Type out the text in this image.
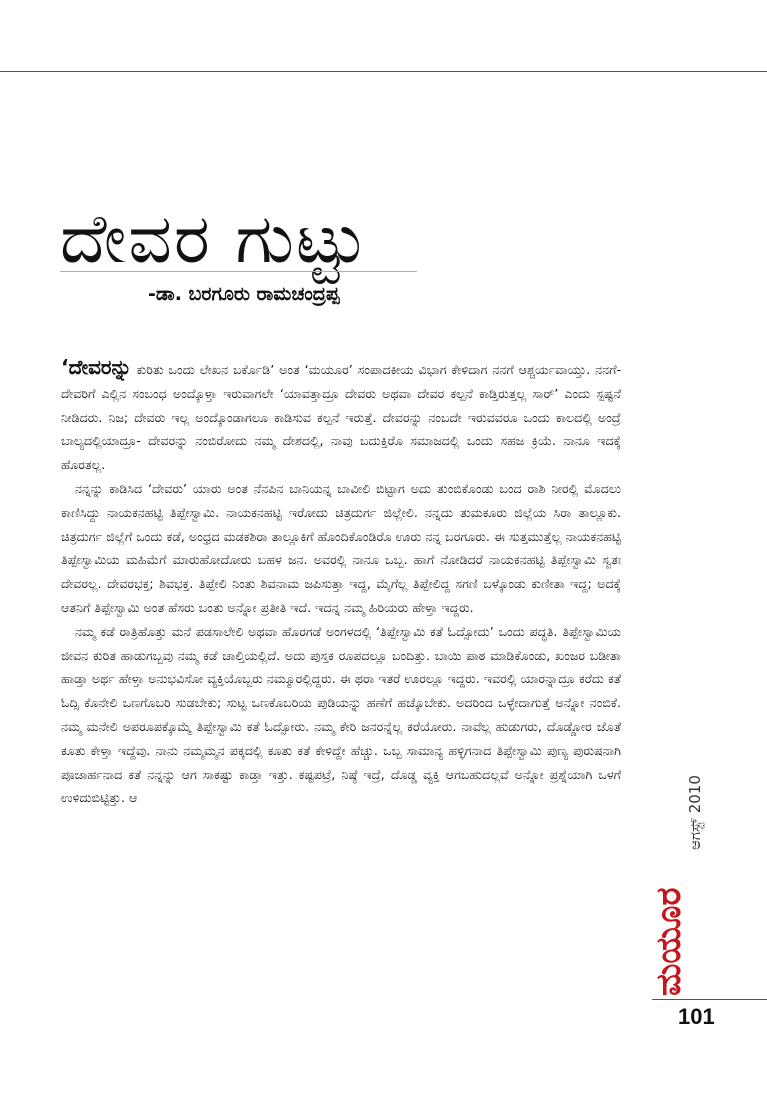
ದೇವರ ಗುಟ್ಟು
-ಡಾ. ಬರಗೂರು ರಾಮಚಂದ್ರಪ್ಪ

‘ದೇವರನ್ನು ಕುರಿತು ಒಂದು ಲೇಖನ ಬರ್ಕೊಡಿ’ ಅಂತ ‘ಮಯೂರ’ ಸಂಪಾದಕೀಯ ವಿಭಾಗ ಕೇಳಿದಾಗ ನನಗೆ ಆಶ್ಚರ್ಯವಾಯ್ತು. ನನಗೆ-ದೇವರಿಗೆ ಎಲ್ಲಿನ ಸಂಬಂಧ ಅಂದ್ಕೊಳ್ತಾ ಇರುವಾಗಲೇ ‘ಯಾವತ್ತಾದ್ರೂ ದೇವರು ಅಥವಾ ದೇವರ ಕಲ್ಪನೆ ಕಾಡ್ತಿರುತ್ತಲ್ಲ ಸಾರ್’ ಎಂದು ಸ್ಪಷ್ಟನೆ ನೀಡಿದರು. ನಿಜ; ದೇವರು ಇಲ್ಲ ಅಂದ್ಕೊಂಡಾಗಲೂ ಕಾಡಿಸುವ ಕಲ್ಪನೆ ಇರುತ್ತೆ. ದೇವರನ್ನು ನಂಬದೇ ಇರುವವರೂ ಒಂದು ಕಾಲದಲ್ಲಿ ಅಂದ್ರೆ ಬಾಲ್ಯದಲ್ಲಿಯಾದ್ರೂ- ದೇವರನ್ನು ನಂಬಿರೋದು ನಮ್ಮ ದೇಶದಲ್ಲಿ, ನಾವು ಬದುಕ್ತಿರೊ ಸಮಾಜದಲ್ಲಿ ಒಂದು ಸಹಜ ಕ್ರಿಯೆ. ನಾನೂ ಇದಕ್ಕೆ ಹೊರತಲ್ಲ.

ನನ್ನನ್ನು ಕಾಡಿಸಿದ ‘ದೇವರು’ ಯಾರು ಅಂತ ನೆನಪಿನ ಬಾನಿಯನ್ನ ಬಾವೀಲಿ ಬಿಟ್ಟಾಗ ಅದು ತುಂಬಿಕೊಂಡು ಬಂದ ರಾಶಿ ನೀರಲ್ಲಿ ಮೊದಲು ಕಾಣಿಸಿದ್ದು ನಾಯಕನಹಟ್ಟಿ ತಿಪ್ಪೇಸ್ವಾಮಿ. ನಾಯಕನಹಟ್ಟಿ ಇರೋದು ಚಿತ್ರದುರ್ಗ ಜಿಲ್ಲೇಲಿ. ನನ್ನದು ತುಮಕೂರು ಜಿಲ್ಲೆಯ ಸಿರಾ ತಾಲ್ಲೂಕು. ಚಿತ್ರದುರ್ಗ ಜಿಲ್ಲೆಗೆ ಒಂದು ಕಡೆ, ಅಂಧ್ರದ ಮಡಕಶಿರಾ ತಾಲ್ಲೂಕಿಗೆ ಹೊಂದಿಕೊಂಡಿರೊ ಊರು ನನ್ನ ಬರಗೂರು. ಈ ಸುತ್ತಮುತ್ತೆಲ್ಲ ನಾಯಕನಹಟ್ಟಿ ತಿಪ್ಪೇಸ್ವಾಮಿಯ ಮಹಿಮೆಗೆ ಮಾರುಹೋದೋರು ಬಹಳ ಜನ. ಅವರಲ್ಲಿ ನಾನೂ ಒಬ್ಬ. ಹಾಗೆ ನೋಡಿದರೆ ನಾಯಕನಹಟ್ಟಿ ತಿಪ್ಪೇಸ್ವಾಮಿ ಸ್ವತಃ ದೇವರಲ್ಲ. ದೇವರಭಕ್ತ; ಶಿವಭಕ್ತ. ತಿಪ್ಪೇಲಿ ನಿಂತು ಶಿವನಾಮ ಜಪಿಸುತ್ತಾ ಇದ್ದ, ಮೈಗೆಲ್ಲ ತಿಪ್ಪೇಲಿದ್ದ ಸಗಣಿ ಬಳ್ಕೊಂಡು ಕುಣೀತಾ ಇದ್ದ; ಅದಕ್ಕೆ ಆತನಿಗೆ ತಿಪ್ಪೇಸ್ವಾಮಿ ಅಂತ ಹೆಸರು ಬಂತು ಅನ್ನೋ ಪ್ರತೀತಿ ಇದೆ. ಇದನ್ನ ನಮ್ಮ ಹಿರಿಯರು ಹೇಳ್ತಾ ಇದ್ದರು.

ನಮ್ಮ ಕಡೆ ರಾತ್ರಿಹೊತ್ತು ಮನೆ ಪಡಸಾಲೇಲಿ ಅಥವಾ ಹೊರಗಡೆ ಅಂಗಳದಲ್ಲಿ ‘ತಿಪ್ಪೇಸ್ವಾಮಿ ಕತೆ ಓದ್ಸೋದು’ ಒಂದು ಪದ್ಧತಿ. ತಿಪ್ಪೇಸ್ವಾಮಿಯ ಜೀವನ ಕುರಿತ ಹಾಡುಗಬ್ಬವು ನಮ್ಮ ಕಡೆ ಚಾಲ್ತಿಯಲ್ಲಿದೆ. ಅದು ಪುಸ್ತಕ ರೂಪದಲ್ಲೂ ಬಂದಿತ್ತು. ಬಾಯಿ ಪಾಠ ಮಾಡಿಕೊಂಡು, ಖಂಜರ ಬಡೀತಾ ಹಾಡ್ತಾ ಅರ್ಥ ಹೇಳ್ತಾ ಅನುಭವಿಸೋ ವ್ಯಕ್ತಿಯೊಬ್ಬರು ನಮ್ಮೂರಲ್ಲಿದ್ದರು. ಈ ಥರಾ ಇತರೆ ಊರಲ್ಲೂ ಇದ್ದರು. ಇವರಲ್ಲಿ ಯಾರನ್ನಾದ್ರೂ ಕರೆದು ಕತೆ ಓದ್ಸಿ ಕೊನೇಲಿ ಒಣಗೊಬರಿ ಸುಡಬೇಕು; ಸುಟ್ಟ ಒಣಕೊಬರಿಯ ಪುಡಿಯನ್ನು ಹಣೆಗೆ ಹಚ್ಕೊಬೇಕು. ಅದರಿಂದ ಒಳ್ಳೇದಾಗುತ್ತೆ ಅನ್ನೋ ನಂಬಿಕೆ. ನಮ್ಮ ಮನೇಲಿ ಅಪರೂಪಕ್ಕೊಮ್ಮೆ ತಿಪ್ಪೇಸ್ವಾಮಿ ಕತೆ ಓದ್ಸೋರು. ನಮ್ಮ ಕೇರಿ ಜನರನ್ನೆಲ್ಲ ಕರೆಯೋರು. ನಾವೆಲ್ಲ ಹುಡುಗರು, ದೊಡ್ಡೋರ ಜೊತೆ ಕೂತು ಕೇಳ್ತಾ ಇದ್ದೆವು. ನಾನು ನಮ್ಮಮ್ಮನ ಪಕ್ಕದಲ್ಲಿ ಕೂತು ಕತೆ ಕೇಳಿದ್ದೇ ಹೆಚ್ಚು. ಒಬ್ಬ ಸಾಮಾನ್ಯ ಹಳ್ಳಿಗನಾದ ತಿಪ್ಪೇಸ್ವಾಮಿ ಪುಣ್ಯ ಪುರುಷನಾಗಿ ಪೂಜಾರ್ಹನಾದ ಕತೆ ನನ್ನನ್ನು ಆಗ ಸಾಕಷ್ಟು ಕಾಡ್ತಾ ಇತ್ತು. ಕಷ್ಟಪಟ್ರೆ, ನಿಷ್ಠೆ ಇದ್ರೆ, ದೊಡ್ಡ ವ್ಯಕ್ತಿ ಆಗಬಹುದಲ್ಲವೆ ಅನ್ನೋ ಪ್ರಶ್ನೆಯಾಗಿ ಒಳಗೆ ಉಳಿದುಬಿಟ್ಟಿತ್ತು. ಆ	ಆಗಸ್ಟ್ 2010
ಮಯೂರ
101
